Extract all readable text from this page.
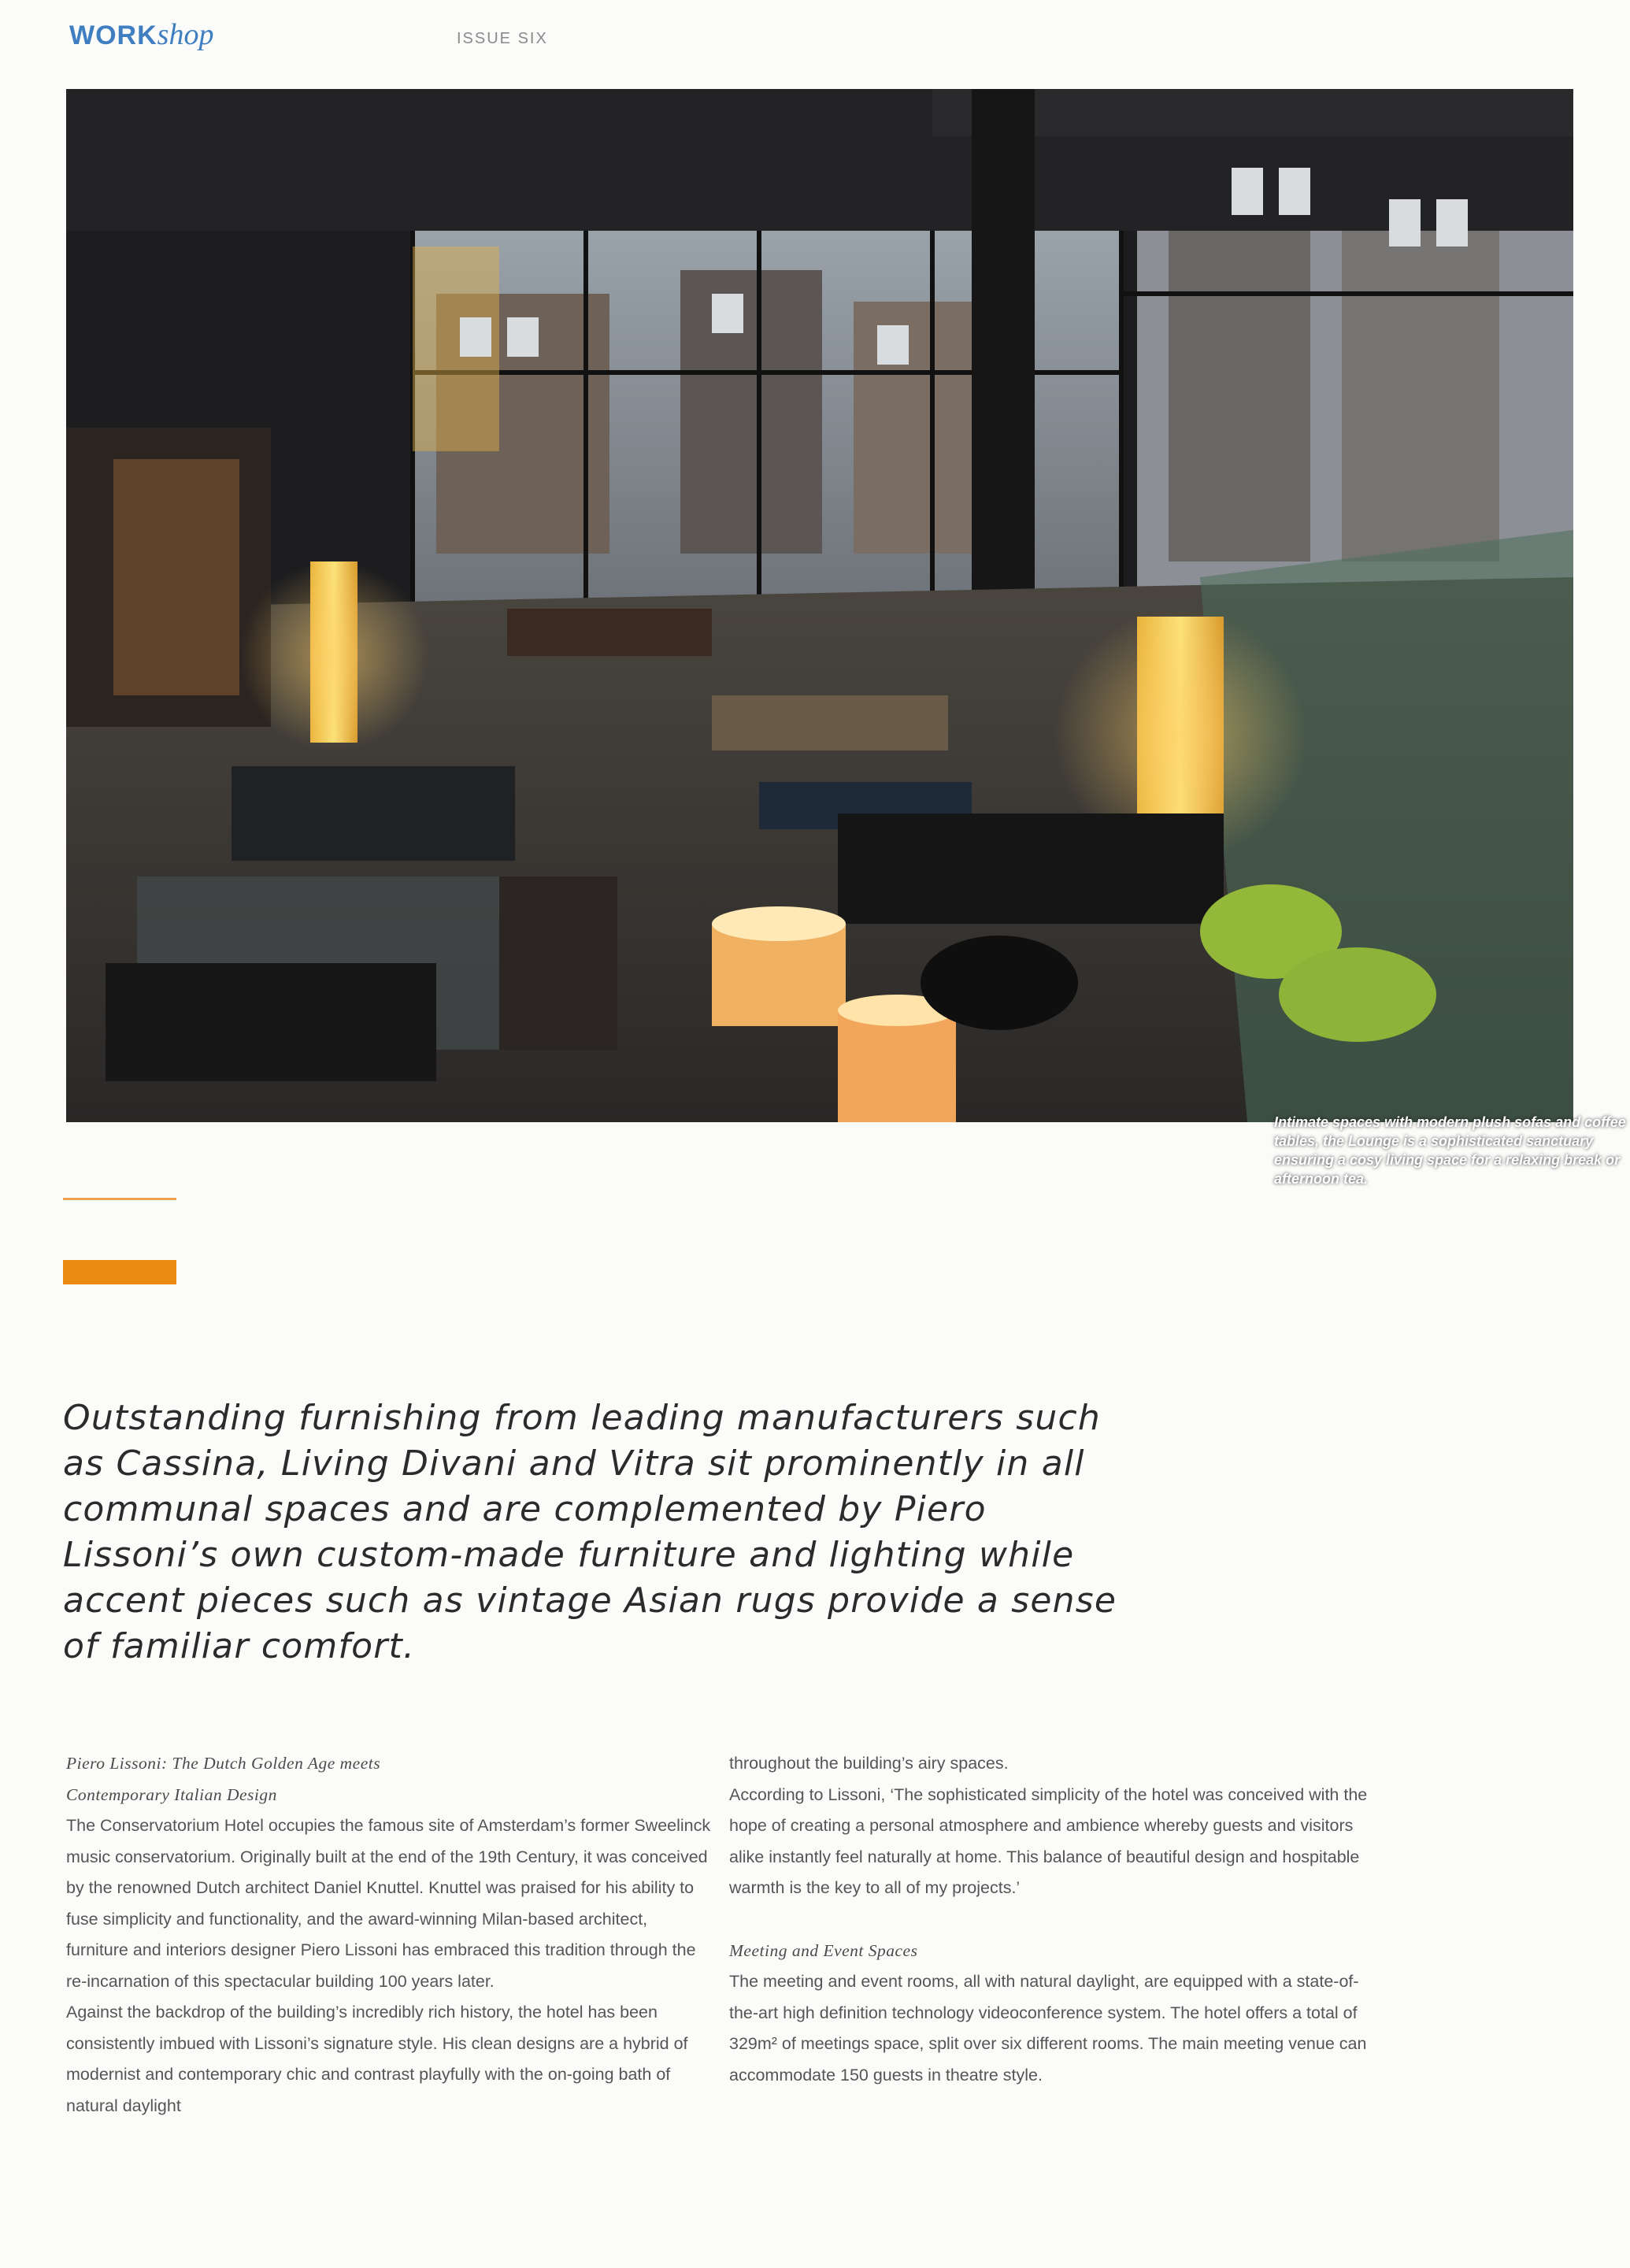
WORKshop	ISSUE SIX
Intimate spaces with modern plush sofas and coffee tables, the Lounge is a sophisticated sanctuary ensuring a cosy living space for a relaxing break or afternoon tea.
Outstanding furnishing from leading manufacturers such as Cassina, Living Divani and Vitra sit prominently in all communal spaces and are complemented by Piero Lissoni’s own custom-made furniture and lighting while accent pieces such as vintage Asian rugs provide a sense of familiar comfort.

Piero Lissoni: The Dutch Golden Age meets

Contemporary Italian Design

The Conservatorium Hotel occupies the famous site of Amsterdam’s former Sweelinck music conservatorium. Originally built at the end of the 19th Century, it was conceived by the renowned Dutch architect Daniel Knuttel. Knuttel was praised for his ability to fuse simplicity and functionality, and the award-winning Milan-based architect, furniture and interiors designer Piero Lissoni has embraced this tradition through the re-incarnation of this spectacular building 100 years later.

Against the backdrop of the building’s incredibly rich history, the hotel has been consistently imbued with Lissoni’s signature style. His clean designs are a hybrid of modernist and contemporary chic and contrast playfully with the on-going bath of natural daylight

throughout the building’s airy spaces.

According to Lissoni, ‘The sophisticated simplicity of the hotel was conceived with the hope of creating a personal atmosphere and ambience whereby guests and visitors alike instantly feel naturally at home. This balance of beautiful design and hospitable warmth is the key to all of my projects.’

Meeting and Event Spaces

The meeting and event rooms, all with natural daylight, are equipped with a state-of-the-art high definition technology videoconference system. The hotel offers a total of 329m² of meetings space, split over six different rooms. The main meeting venue can accommodate 150 guests in theatre style.
